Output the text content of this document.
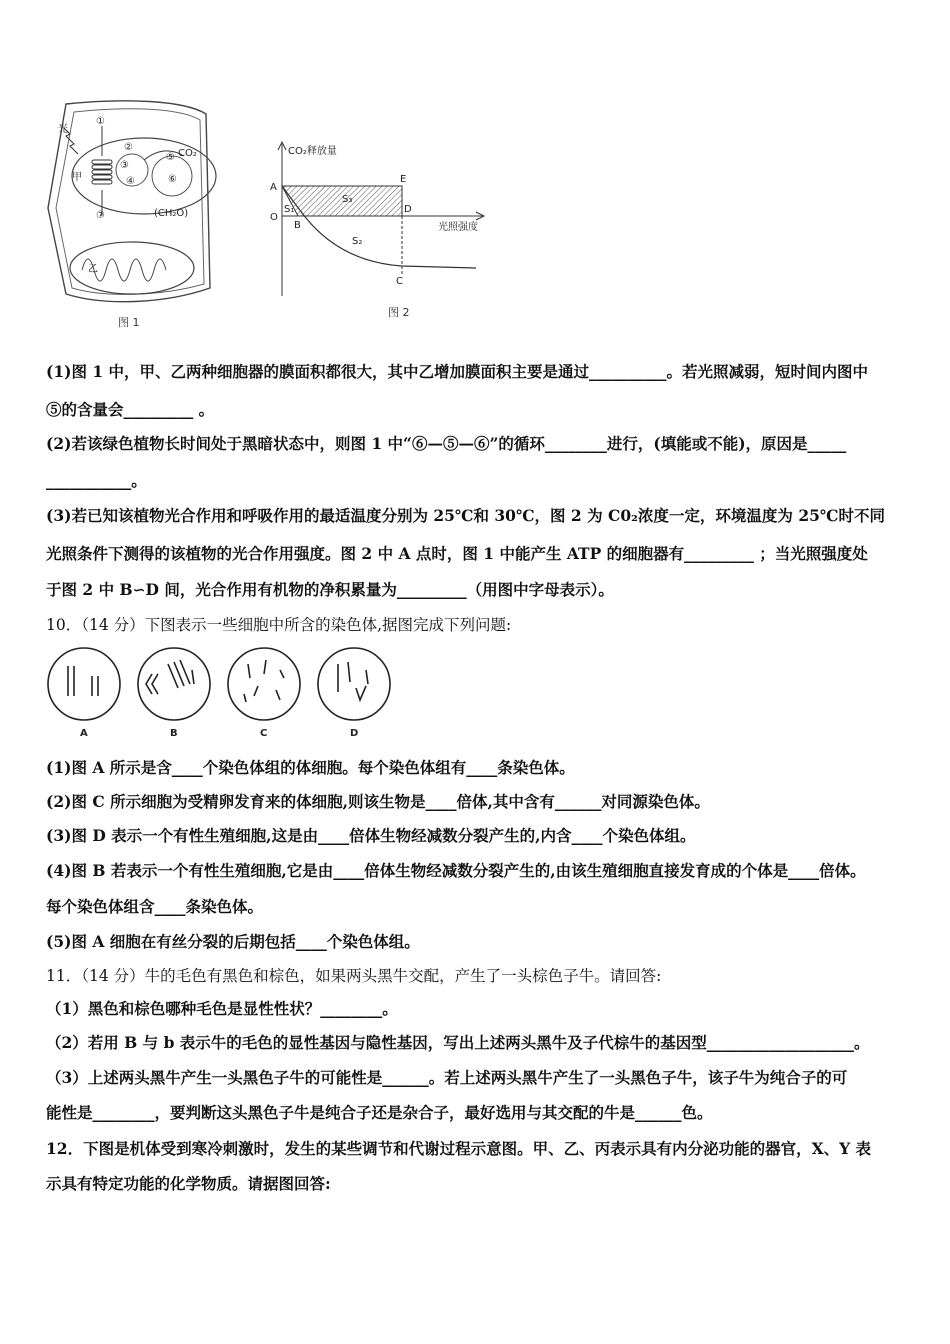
光
甲
乙
CO₂
(CH₂O)
①
②
③
④
⑤
⑥
⑦
图 1
CO₂释放量
光照强度
A
O
B
D
E
C
S₁
S₂
S₃
图 2
(1)图 1 中，甲、乙两种细胞器的膜面积都很大，其中乙增加膜面积主要是通过__________。若光照减弱，短时间内图中
⑤的含量会_________ 。
(2)若该绿色植物长时间处于黑暗状态中，则图 1 中“⑥—⑤—⑥”的循环________进行，(填能或不能)，原因是_____
___________。
(3)若已知该植物光合作用和呼吸作用的最适温度分别为 25℃和 30℃，图 2 为 C0₂浓度一定，环境温度为 25℃时不同
光照条件下测得的该植物的光合作用强度。图 2 中 A 点时，图 1 中能产生 ATP 的细胞器有_________ ；当光照强度处
于图 2 中 B∽D 间，光合作用有机物的净积累量为_________（用图中字母表示）。
10．（14 分）下图表示一些细胞中所含的染色体,据图完成下列问题:
A	B	C	D
(1)图 A 所示是含____个染色体组的体细胞。每个染色体组有____条染色体。
(2)图 C 所示细胞为受精卵发育来的体细胞,则该生物是____倍体,其中含有______对同源染色体。
(3)图 D 表示一个有性生殖细胞,这是由____倍体生物经减数分裂产生的,内含____个染色体组。
(4)图 B 若表示一个有性生殖细胞,它是由____倍体生物经减数分裂产生的,由该生殖细胞直接发育成的个体是____倍体。
每个染色体组含____条染色体。
(5)图 A 细胞在有丝分裂的后期包括____个染色体组。
11．（14 分）牛的毛色有黑色和棕色，如果两头黑牛交配，产生了一头棕色子牛。请回答:
（1）黑色和棕色哪种毛色是显性性状？________。
（2）若用 B 与 b 表示牛的毛色的显性基因与隐性基因，写出上述两头黑牛及子代棕牛的基因型___________________。
（3）上述两头黑牛产生一头黑色子牛的可能性是______。若上述两头黑牛产生了一头黑色子牛，该子牛为纯合子的可
能性是________，要判断这头黑色子牛是纯合子还是杂合子，最好选用与其交配的牛是______色。
12．下图是机体受到寒冷刺激时，发生的某些调节和代谢过程示意图。甲、乙、丙表示具有内分泌功能的器官，X、Y 表
示具有特定功能的化学物质。请据图回答:
